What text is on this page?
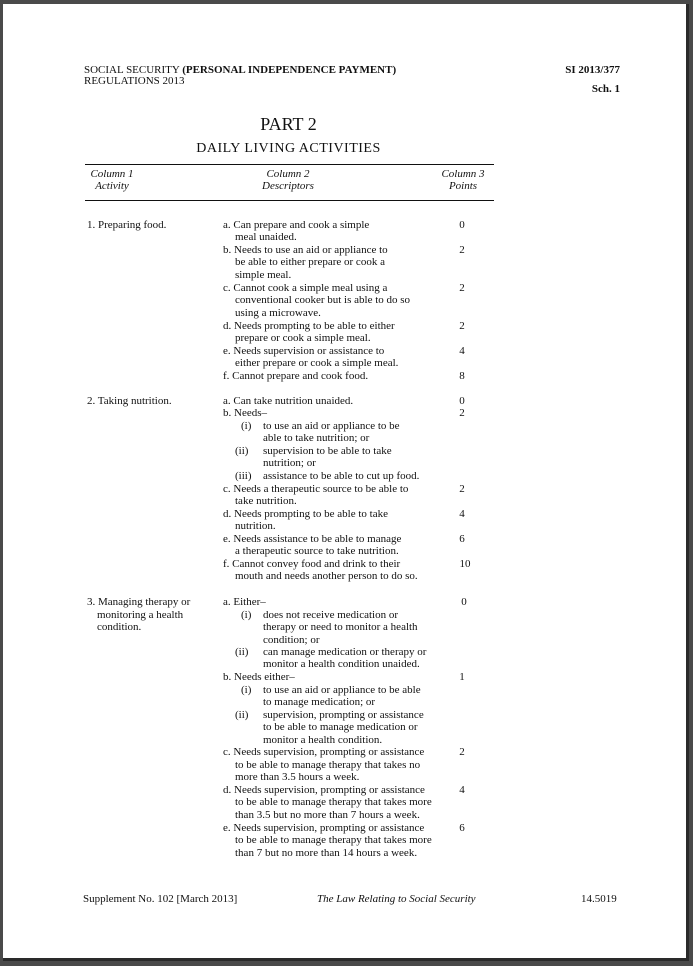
SOCIAL SECURITY (PERSONAL INDEPENDENCE PAYMENT)
REGULATIONS 2013
SI 2013/377
Sch. 1
PART 2
DAILY LIVING ACTIVITIES
Column 1
Activity
Column 2
Descriptors
Column 3
Points
1. Preparing food.
2. Taking nutrition.
3. Managing therapy or
monitoring a health
condition.
a. Can prepare and cook a simple
meal unaided.
b. Needs to use an aid or appliance to
be able to either prepare or cook a
simple meal.
c. Cannot cook a simple meal using a
conventional cooker but is able to do so
using a microwave.
d. Needs prompting to be able to either
prepare or cook a simple meal.
e. Needs supervision or assistance to
either prepare or cook a simple meal.
f. Cannot prepare and cook food.
a. Can take nutrition unaided.
b. Needs–
(i) to use an aid or appliance to be
able to take nutrition; or
(ii) supervision to be able to take
nutrition; or
(iii) assistance to be able to cut up food.
c. Needs a therapeutic source to be able to
take nutrition.
d. Needs prompting to be able to take
nutrition.
e. Needs assistance to be able to manage
a therapeutic source to take nutrition.
f. Cannot convey food and drink to their
mouth and needs another person to do so.
a. Either–
(i) does not receive medication or
therapy or need to monitor a health
condition; or
(ii) can manage medication or therapy or
monitor a health condition unaided.
b. Needs either–
(i) to use an aid or appliance to be able
to manage medication; or
(ii) supervision, prompting or assistance
to be able to manage medication or
monitor a health condition.
c. Needs supervision, prompting or assistance
to be able to manage therapy that takes no
more than 3.5 hours a week.
d. Needs supervision, prompting or assistance
to be able to manage therapy that takes more
than 3.5 but no more than 7 hours a week.
e. Needs supervision, prompting or assistance
to be able to manage therapy that takes more
than 7 but no more than 14 hours a week.
0
2
2
2
4
8
0
2
2
4
6
10
0
1
2
4
6
Supplement No. 102 [March 2013]	The Law Relating to Social Security	14.5019
